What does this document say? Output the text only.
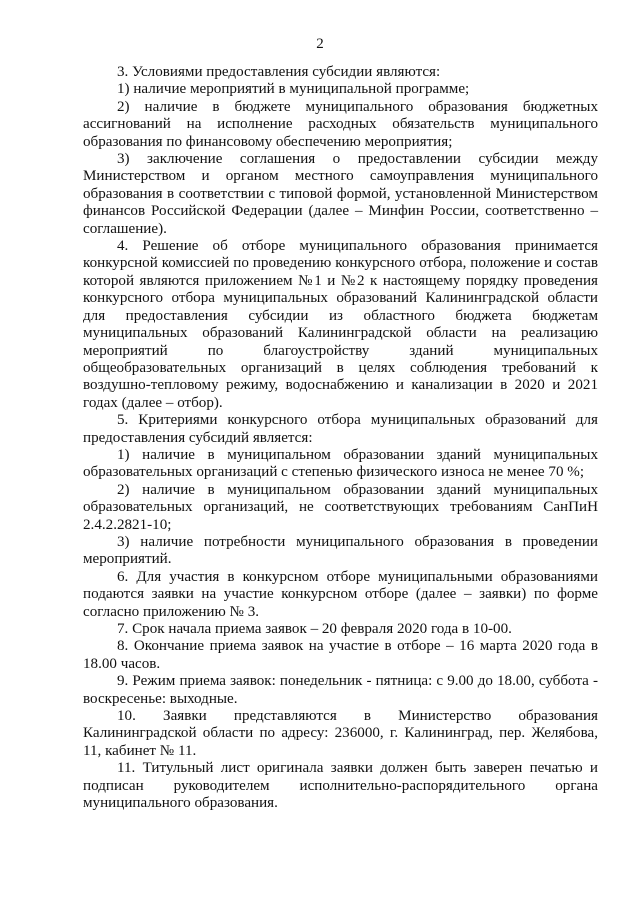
2

3. Условиями предоставления субсидии являются:

1) наличие мероприятий в муниципальной программе;

2) наличие в бюджете муниципального образования бюджетных ассигнований на исполнение расходных обязательств муниципального образования по финансовому обеспечению мероприятия;

3) заключение соглашения о предоставлении субсидии между Министерством и органом местного самоуправления муниципального образования в соответствии с типовой формой, установленной Министерством финансов Российской Федерации (далее – Минфин России, соответственно – соглашение).

4. Решение об отборе муниципального образования принимается конкурсной комиссией по проведению конкурсного отбора, положение и состав которой являются приложением №1 и №2 к настоящему порядку проведения конкурсного отбора муниципальных образований Калининградской области для предоставления субсидии из областного бюджета бюджетам муниципальных образований Калининградской области на реализацию мероприятий по благоустройству зданий муниципальных общеобразовательных организаций в целях соблюдения требований к воздушно-тепловому режиму, водоснабжению и канализации в 2020 и 2021 годах (далее – отбор).

5. Критериями конкурсного отбора муниципальных образований для предоставления субсидий является:

1) наличие в муниципальном образовании зданий муниципальных образовательных организаций с степенью физического износа не менее 70 %;

2) наличие в муниципальном образовании зданий муниципальных образовательных организаций, не соответствующих требованиям СанПиН 2.4.2.2821-10;

3) наличие потребности муниципального образования в проведении мероприятий.

6. Для участия в конкурсном отборе муниципальными образованиями подаются заявки на участие конкурсном отборе (далее – заявки) по форме согласно приложению № 3.

7. Срок начала приема заявок – 20 февраля 2020 года в 10-00.

8. Окончание приема заявок на участие в отборе – 16 марта 2020 года в 18.00 часов.

9. Режим приема заявок: понедельник - пятница: с 9.00 до 18.00, суббота - воскресенье: выходные.

10. Заявки представляются в Министерство образования Калининградской области по адресу: 236000, г. Калининград, пер. Желябова, 11, кабинет № 11.

11. Титульный лист оригинала заявки должен быть заверен печатью и подписан руководителем исполнительно-распорядительного органа муниципального образования.
